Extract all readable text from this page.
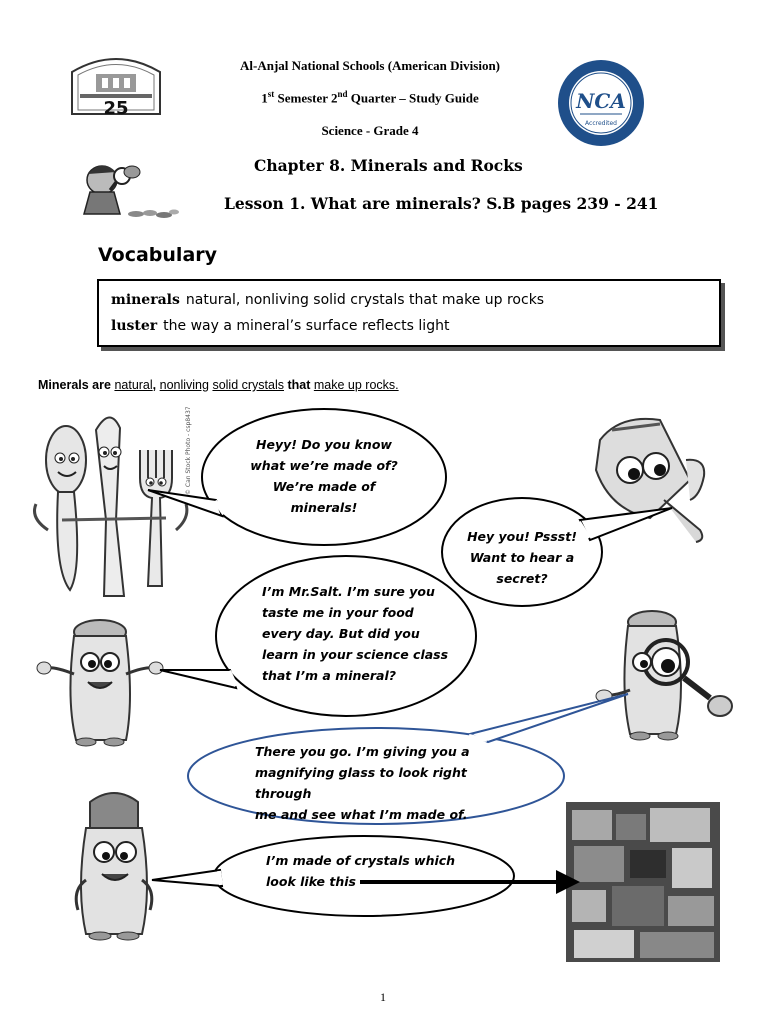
25
Al-Anjal National Schools (American Division)
1st Semester 2nd Quarter – Study Guide
Science - Grade 4
NCA
Accredited
Chapter 8. Minerals and Rocks
Lesson 1. What are minerals? S.B pages 239 - 241
Vocabulary
minerals natural, nonliving solid crystals that make up rocks
luster the way a mineral’s surface reflects light
Minerals are natural, nonliving solid crystals that make up rocks.
© Can Stock Photo - csp8437	Heyy! Do you know
what we’re made of?
We’re made of
minerals!
Hey you! Pssst!
Want to hear a
secret?
I’m Mr.Salt. I’m sure you
taste me in your food
every day. But did you
learn in your science class
that I’m a mineral?
There you go. I’m giving you a
magnifying glass to look right through
me and see what I’m made of.
I’m made of crystals which
look like this
1
